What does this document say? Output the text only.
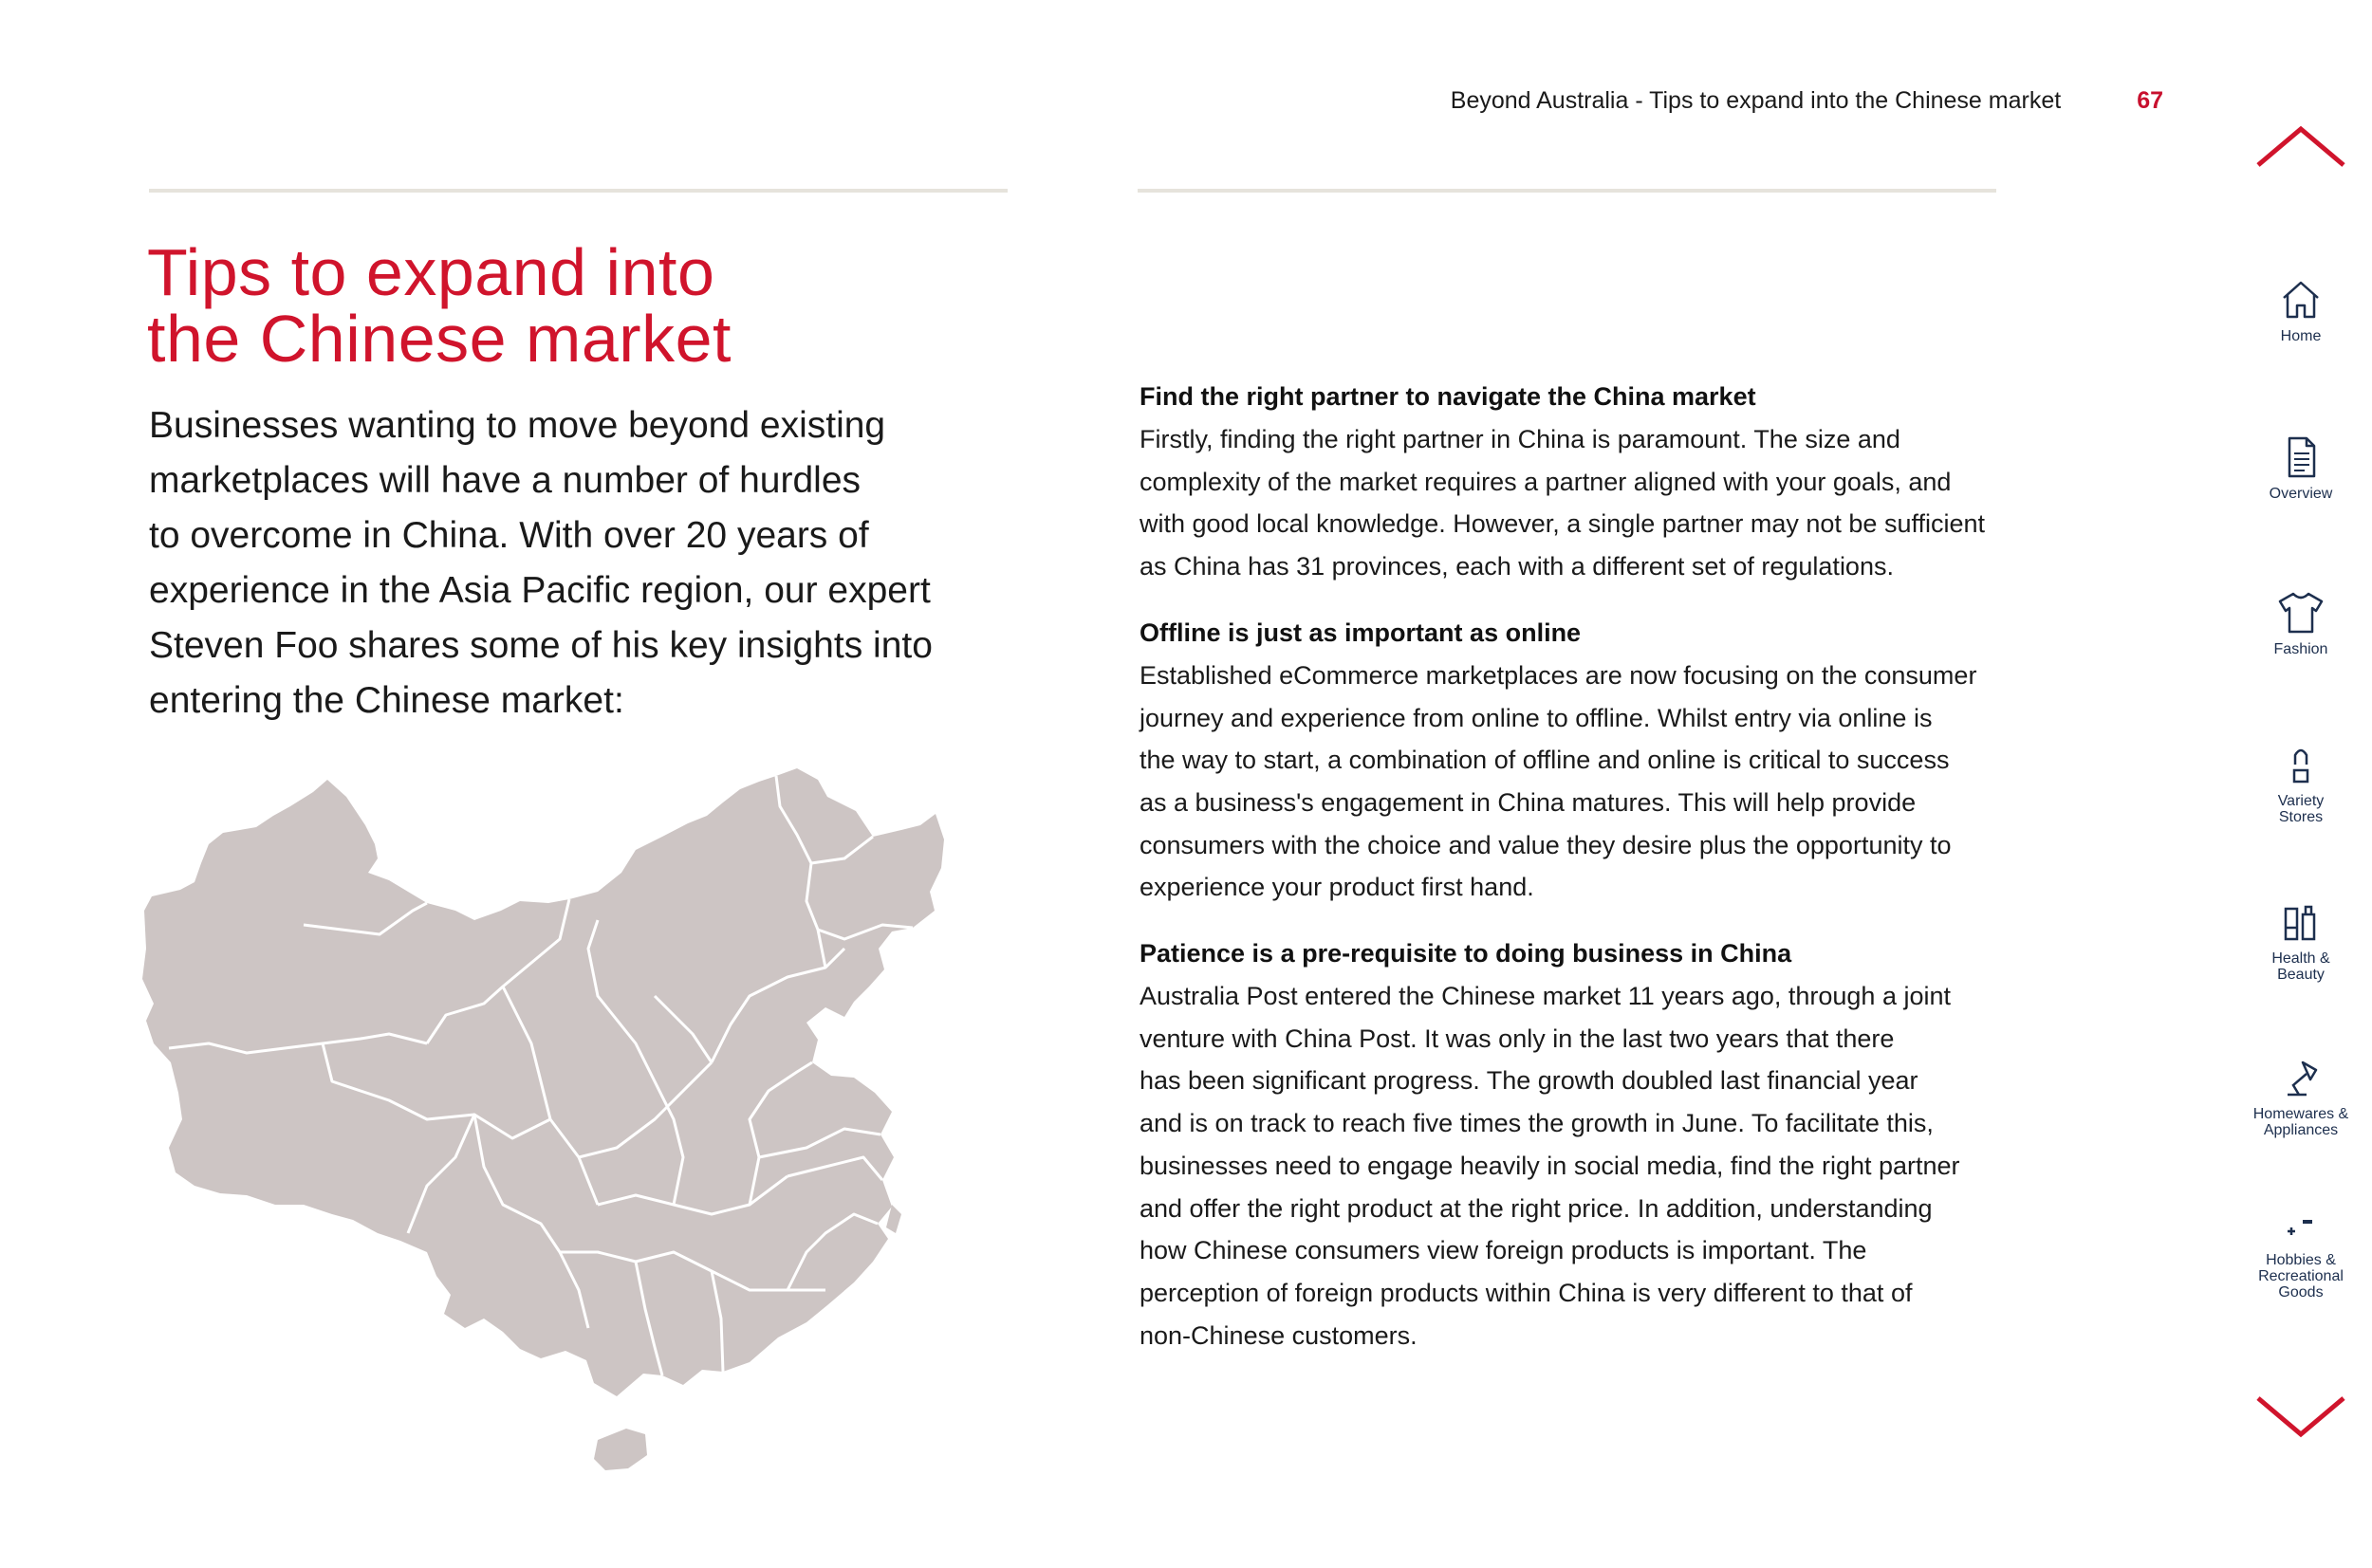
Beyond Australia - Tips to expand into the Chinese market	67
Tips to expand into
the Chinese market

Businesses wanting to move beyond existing
marketplaces will have a number of hurdles
to overcome in China. With over 20 years of
experience in the Asia Pacific region, our expert
Steven Foo shares some of his key insights into
entering the Chinese market:

Find the right partner to navigate the China market

Firstly, finding the right partner in China is paramount. The size and
complexity of the market requires a partner aligned with your goals, and
with good local knowledge. However, a single partner may not be sufficient
as China has 31 provinces, each with a different set of regulations.

Offline is just as important as online

Established eCommerce marketplaces are now focusing on the consumer
journey and experience from online to offline. Whilst entry via online is
the way to start, a combination of offline and online is critical to success
as a business's engagement in China matures. This will help provide
consumers with the choice and value they desire plus the opportunity to
experience your product first hand.

Patience is a pre-requisite to doing business in China

Australia Post entered the Chinese market 11 years ago, through a joint
venture with China Post. It was only in the last two years that there
has been significant progress. The growth doubled last financial year
and is on track to reach five times the growth in June. To facilitate this,
businesses need to engage heavily in social media, find the right partner
and offer the right product at the right price. In addition, understanding
how Chinese consumers view foreign products is important. The
perception of foreign products within China is very different to that of
non-Chinese customers.

Home
Overview
Fashion
Variety
Stores
Health &
Beauty
Homewares &
Appliances
Hobbies &
Recreational
Goods
